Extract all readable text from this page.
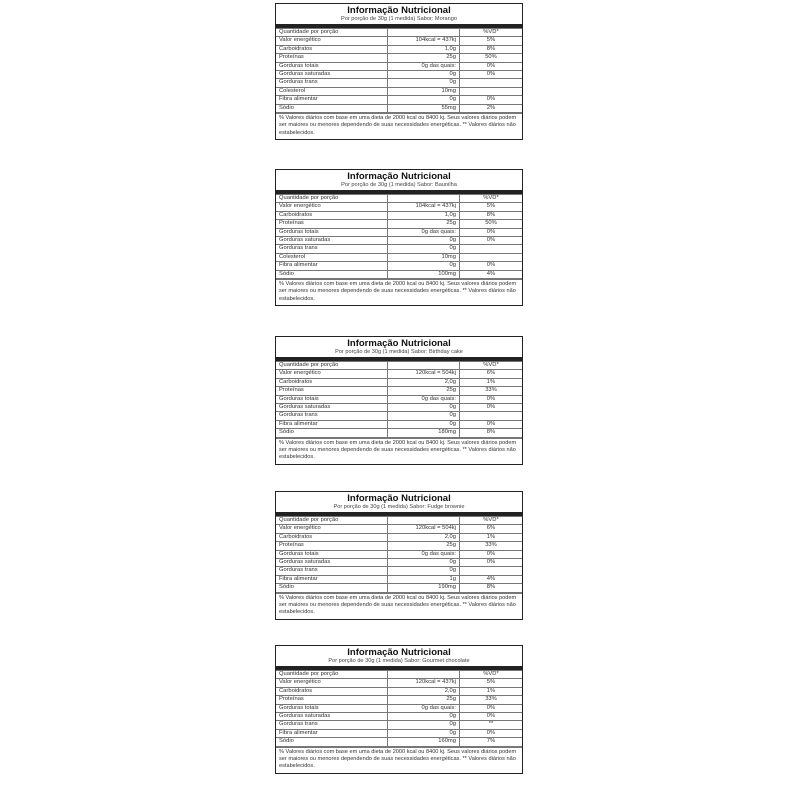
Informação Nutricional
Por porção de 30g (1 medida) Sabor: Morango
Quantidade por porção		%VD*
Valor energético	104kcal = 437kj	5%
Carboidratos	1,0g	8%
Proteínas	25g	50%
Gorduras totais	0g das quais:	0%
Gorduras saturadas	0g	0%
Gorduras trans	0g	
Colesterol	10mg	
Fibra alimentar	0g	0%
Sódio	55mg	2%
% Valores diários com base em uma dieta de 2000 kcal ou 8400 kj. Seus valores diários podem ser maiores ou menores dependendo de suas necessidades energéticas. ** Valores diários não estabelecidos.
Informação Nutricional
Por porção de 30g (1 medida) Sabor: Baunilha
Quantidade por porção		%VD*
Valor energético	104kcal = 437kj	5%
Carboidratos	1,0g	8%
Proteínas	25g	50%
Gorduras totais	0g das quais:	0%
Gorduras saturadas	0g	0%
Gorduras trans	0g	
Colesterol	10mg	
Fibra alimentar	0g	0%
Sódio	100mg	4%
% Valores diários com base em uma dieta de 2000 kcal ou 8400 kj. Seus valores diários podem ser maiores ou menores dependendo de suas necessidades energéticas. ** Valores diários não estabelecidos.
Informação Nutricional
Por porção de 30g (1 medida) Sabor: Birthday cake
Quantidade por porção		%VD*
Valor energético	120kcal = 504kj	6%
Carboidratos	2,0g	1%
Proteínas	25g	33%
Gorduras totais	0g das quais:	0%
Gorduras saturadas	0g	0%
Gorduras trans	0g	
Fibra alimentar	0g	0%
Sódio	180mg	8%
% Valores diários com base em uma dieta de 2000 kcal ou 8400 kj. Seus valores diários podem ser maiores ou menores dependendo de suas necessidades energéticas. ** Valores diários não estabelecidos.
Informação Nutricional
Por porção de 30g (1 medida) Sabor: Fudge brownie
Quantidade por porção		%VD*
Valor energético	120kcal = 504kj	6%
Carboidratos	2,0g	1%
Proteínas	25g	33%
Gorduras totais	0g das quais:	0%
Gorduras saturadas	0g	0%
Gorduras trans	0g	
Fibra alimentar	1g	4%
Sódio	190mg	8%
% Valores diários com base em uma dieta de 2000 kcal ou 8400 kj. Seus valores diários podem ser maiores ou menores dependendo de suas necessidades energéticas. ** Valores diários não estabelecidos.
Informação Nutricional
Por porção de 30g (1 medida) Sabor: Gourmet chocolate
Quantidade por porção		%VD*
Valor energético	120kcal = 437kj	5%
Carboidratos	2,0g	1%
Proteínas	25g	33%
Gorduras totais	0g das quais:	0%
Gorduras saturadas	0g	0%
Gorduras trans	0g	**
Fibra alimentar	0g	0%
Sódio	160mg	7%
% Valores diários com base em uma dieta de 2000 kcal ou 8400 kj. Seus valores diários podem ser maiores ou menores dependendo de suas necessidades energéticas. ** Valores diários não estabelecidos.
